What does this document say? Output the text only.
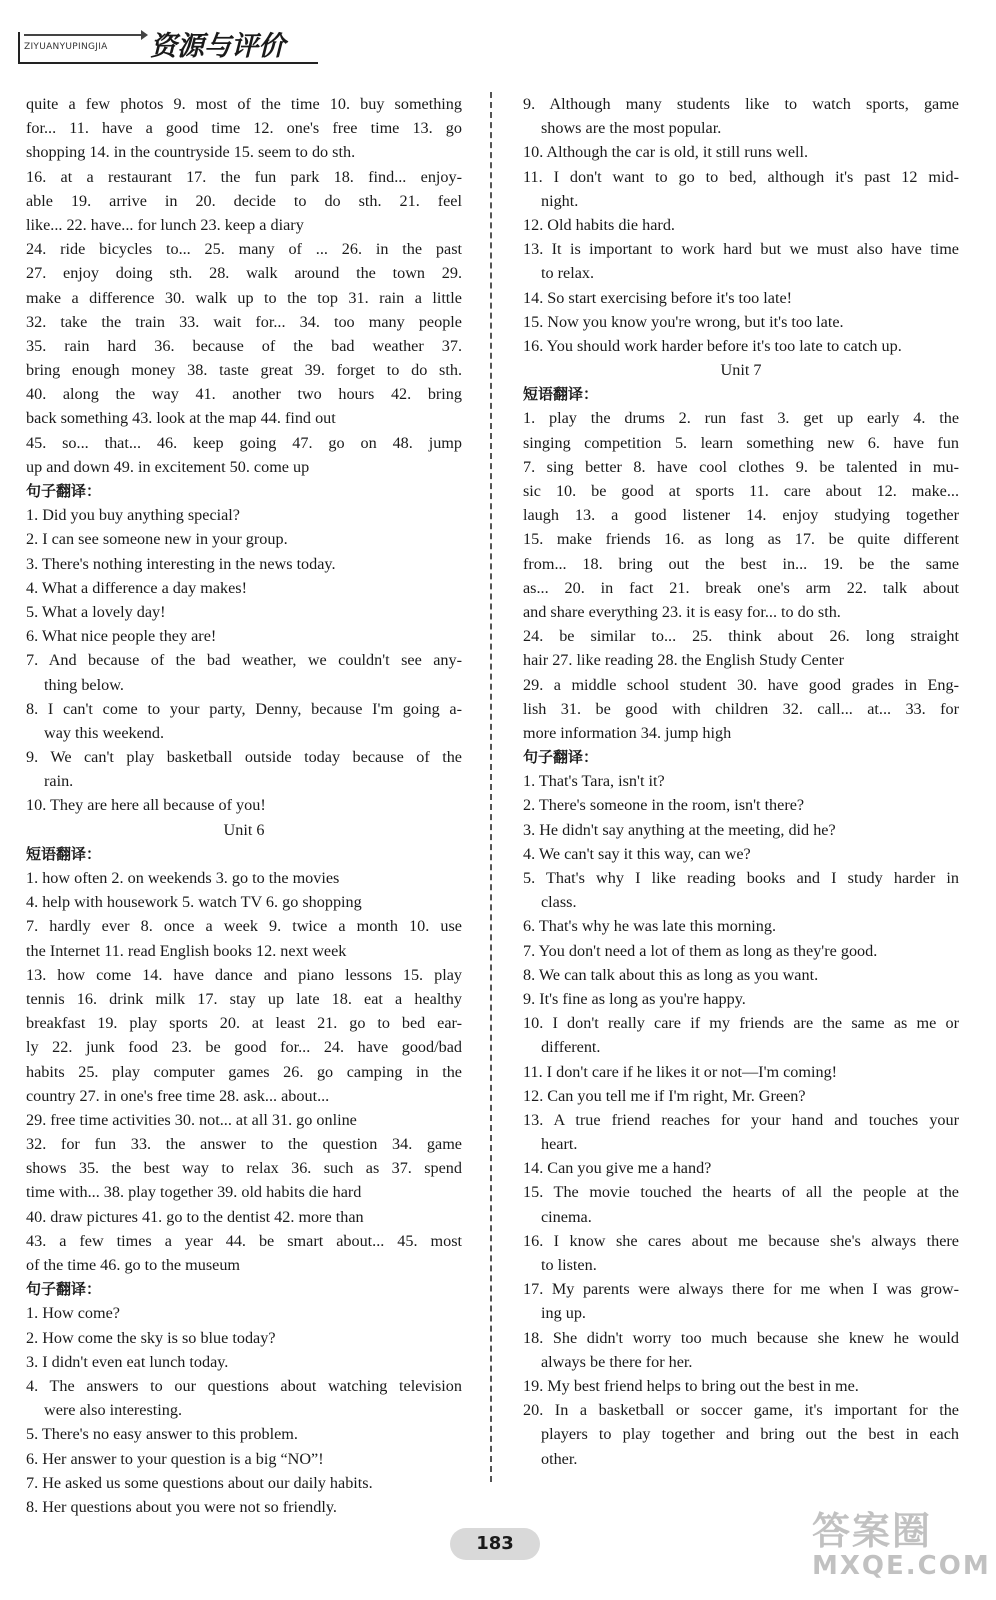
ZIYUANYUPINGJIA 资源与评价
quite a few photos 9. most of the time 10. buy something
for... 11. have a good time 12. one's free time 13. go
shopping 14. in the countryside 15. seem to do sth.
16. at a restaurant 17. the fun park 18. find... enjoy-
able 19. arrive in 20. decide to do sth. 21. feel
like... 22. have... for lunch 23. keep a diary
24. ride bicycles to... 25. many of ... 26. in the past
27. enjoy doing sth. 28. walk around the town 29.
make a difference 30. walk up to the top 31. rain a little
32. take the train 33. wait for... 34. too many people
35. rain hard 36. because of the bad weather 37.
bring enough money 38. taste great 39. forget to do sth.
40. along the way 41. another two hours 42. bring
back something 43. look at the map 44. find out
45. so... that... 46. keep going 47. go on 48. jump
up and down 49. in excitement 50. come up
句子翻译：
1. Did you buy anything special?
2. I can see someone new in your group.
3. There's nothing interesting in the news today.
4. What a difference a day makes!
5. What a lovely day!
6. What nice people they are!
7. And because of the bad weather, we couldn't see any-
thing below.
8. I can't come to your party, Denny, because I'm going a-
way this weekend.
9. We can't play basketball outside today because of the
rain.
10. They are here all because of you!
Unit 6
短语翻译：
1. how often 2. on weekends 3. go to the movies
4. help with housework 5. watch TV 6. go shopping
7. hardly ever 8. once a week 9. twice a month 10. use
the Internet 11. read English books 12. next week
13. how come 14. have dance and piano lessons 15. play
tennis 16. drink milk 17. stay up late 18. eat a healthy
breakfast 19. play sports 20. at least 21. go to bed ear-
ly 22. junk food 23. be good for... 24. have good/bad
habits 25. play computer games 26. go camping in the
country 27. in one's free time 28. ask... about...
29. free time activities 30. not... at all 31. go online
32. for fun 33. the answer to the question 34. game
shows 35. the best way to relax 36. such as 37. spend
time with... 38. play together 39. old habits die hard
40. draw pictures 41. go to the dentist 42. more than
43. a few times a year 44. be smart about... 45. most
of the time 46. go to the museum
句子翻译：
1. How come?
2. How come the sky is so blue today?
3. I didn't even eat lunch today.
4. The answers to our questions about watching television
were also interesting.
5. There's no easy answer to this problem.
6. Her answer to your question is a big “NO”!
7. He asked us some questions about our daily habits.
8. Her questions about you were not so friendly.
9. Although many students like to watch sports, game
shows are the most popular.
10. Although the car is old, it still runs well.
11. I don't want to go to bed, although it's past 12 mid-
night.
12. Old habits die hard.
13. It is important to work hard but we must also have time
to relax.
14. So start exercising before it's too late!
15. Now you know you're wrong, but it's too late.
16. You should work harder before it's too late to catch up.
Unit 7
短语翻译：
1. play the drums 2. run fast 3. get up early 4. the
singing competition 5. learn something new 6. have fun
7. sing better 8. have cool clothes 9. be talented in mu-
sic 10. be good at sports 11. care about 12. make...
laugh 13. a good listener 14. enjoy studying together
15. make friends 16. as long as 17. be quite different
from... 18. bring out the best in... 19. be the same
as... 20. in fact 21. break one's arm 22. talk about
and share everything 23. it is easy for... to do sth.
24. be similar to... 25. think about 26. long straight
hair 27. like reading 28. the English Study Center
29. a middle school student 30. have good grades in Eng-
lish 31. be good with children 32. call... at... 33. for
more information 34. jump high
句子翻译：
1. That's Tara, isn't it?
2. There's someone in the room, isn't there?
3. He didn't say anything at the meeting, did he?
4. We can't say it this way, can we?
5. That's why I like reading books and I study harder in
class.
6. That's why he was late this morning.
7. You don't need a lot of them as long as they're good.
8. We can talk about this as long as you want.
9. It's fine as long as you're happy.
10. I don't really care if my friends are the same as me or
different.
11. I don't care if he likes it or not—I'm coming!
12. Can you tell me if I'm right, Mr. Green?
13. A true friend reaches for your hand and touches your
heart.
14. Can you give me a hand?
15. The movie touched the hearts of all the people at the
cinema.
16. I know she cares about me because she's always there
to listen.
17. My parents were always there for me when I was grow-
ing up.
18. She didn't worry too much because she knew he would
always be there for her.
19. My best friend helps to bring out the best in me.
20. In a basketball or soccer game, it's important for the
players to play together and bring out the best in each
other.
183	答案圈
MXQE.COM
